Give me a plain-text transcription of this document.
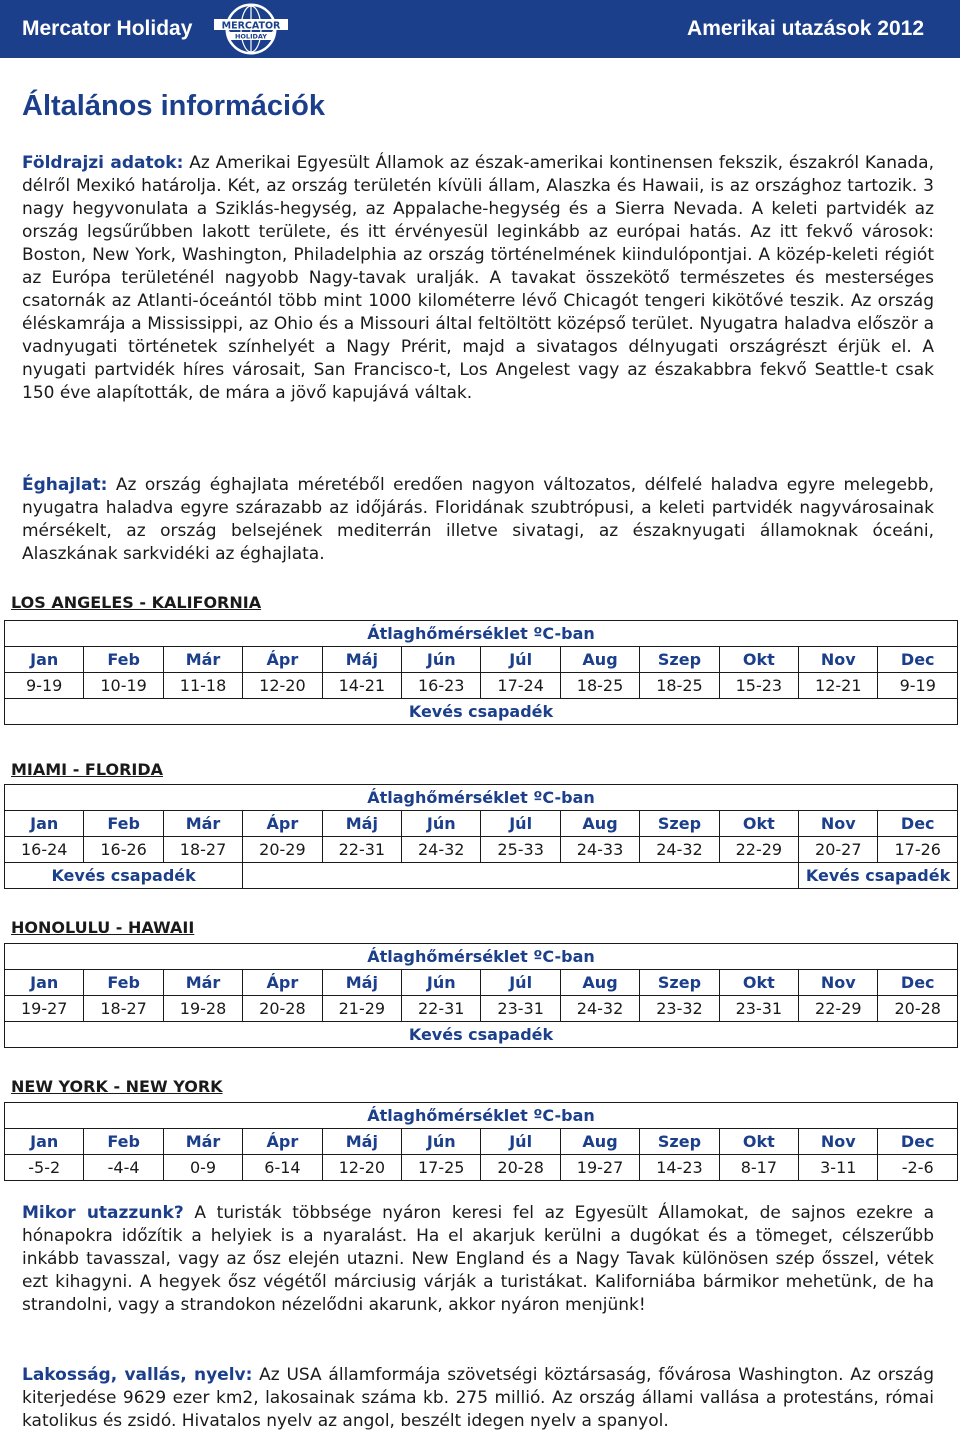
Mercator Holiday	MERCATOR
HOLIDAY	Amerikai utazások 2012
Általános információk

Földrajzi adatok: Az Amerikai Egyesült Államok az észak-amerikai kontinensen fekszik, északról Kanada, délről Mexikó határolja. Két, az ország területén kívüli állam, Alaszka és Hawaii, is az országhoz tartozik. 3 nagy hegyvonulata a Sziklás-hegység, az Appalache-hegység és a Sierra Nevada. A keleti partvidék az ország legsűrűbben lakott területe, és itt érvényesül leginkább az európai hatás. Az itt fekvő városok: Boston, New York, Washington, Philadelphia az ország történelmének kiindulópontjai. A közép-keleti régiót az Európa területénél nagyobb Nagy-tavak uralják. A tavakat összekötő természetes és mesterséges csatornák az Atlanti-óceántól több mint 1000 kilométerre lévő Chicagót tengeri kikötővé teszik. Az ország éléskamrája a Mississippi, az Ohio és a Missouri által feltöltött középső terület. Nyugatra haladva először a vadnyugati történetek színhelyét a Nagy Prérit, majd a sivatagos délnyugati országrészt érjük el. A nyugati partvidék híres városait, San Francisco-t, Los Angelest vagy az északabbra fekvő Seattle-t csak 150 éve alapították, de mára a jövő kapujává váltak.

Éghajlat: Az ország éghajlata méretéből eredően nagyon változatos, délfelé haladva egyre melegebb, nyugatra haladva egyre szárazabb az időjárás. Floridának szubtrópusi, a keleti partvidék nagyvárosainak mérsékelt, az ország belsejének mediterrán illetve sivatagi, az északnyugati államoknak óceáni, Alaszkának sarkvidéki az éghajlata.

LOS ANGELES - KALIFORNIA
Átlaghőmérséklet ºC-ban											
Jan	Feb	Már	Ápr	Máj	Jún	Júl	Aug	Szep	Okt	Nov	Dec
9-19	10-19	11-18	12-20	14-21	16-23	17-24	18-25	18-25	15-23	12-21	9-19
Kevés csapadék											
MIAMI - FLORIDA
Átlaghőmérséklet ºC-ban											
Jan	Feb	Már	Ápr	Máj	Jún	Júl	Aug	Szep	Okt	Nov	Dec
16-24	16-26	18-27	20-29	22-31	24-32	25-33	24-33	24-32	22-29	20-27	17-26
Kevés csapadék										Kevés csapadék	
HONOLULU - HAWAII
Átlaghőmérséklet ºC-ban											
Jan	Feb	Már	Ápr	Máj	Jún	Júl	Aug	Szep	Okt	Nov	Dec
19-27	18-27	19-28	20-28	21-29	22-31	23-31	24-32	23-32	23-31	22-29	20-28
Kevés csapadék											
NEW YORK - NEW YORK
Átlaghőmérséklet ºC-ban											
Jan	Feb	Már	Ápr	Máj	Jún	Júl	Aug	Szep	Okt	Nov	Dec
-5-2	-4-4	0-9	6-14	12-20	17-25	20-28	19-27	14-23	8-17	3-11	-2-6

Mikor utazzunk? A turisták többsége nyáron keresi fel az Egyesült Államokat, de sajnos ezekre a hónapokra időzítik a helyiek is a nyaralást. Ha el akarjuk kerülni a dugókat és a tömeget, célszerűbb inkább tavasszal, vagy az ősz elején utazni. New England és a Nagy Tavak különösen szép ősszel, vétek ezt kihagyni. A hegyek ősz végétől márciusig várják a turistákat. Kaliforniába bármikor mehetünk, de ha strandolni, vagy a strandokon nézelődni akarunk, akkor nyáron menjünk!

Lakosság, vallás, nyelv: Az USA államformája szövetségi köztársaság, fővárosa Washington. Az ország kiterjedése 9629 ezer km2, lakosainak száma kb. 275 millió. Az ország állami vallása a protestáns, római katolikus és zsidó. Hivatalos nyelv az angol, beszélt idegen nyelv a spanyol.
